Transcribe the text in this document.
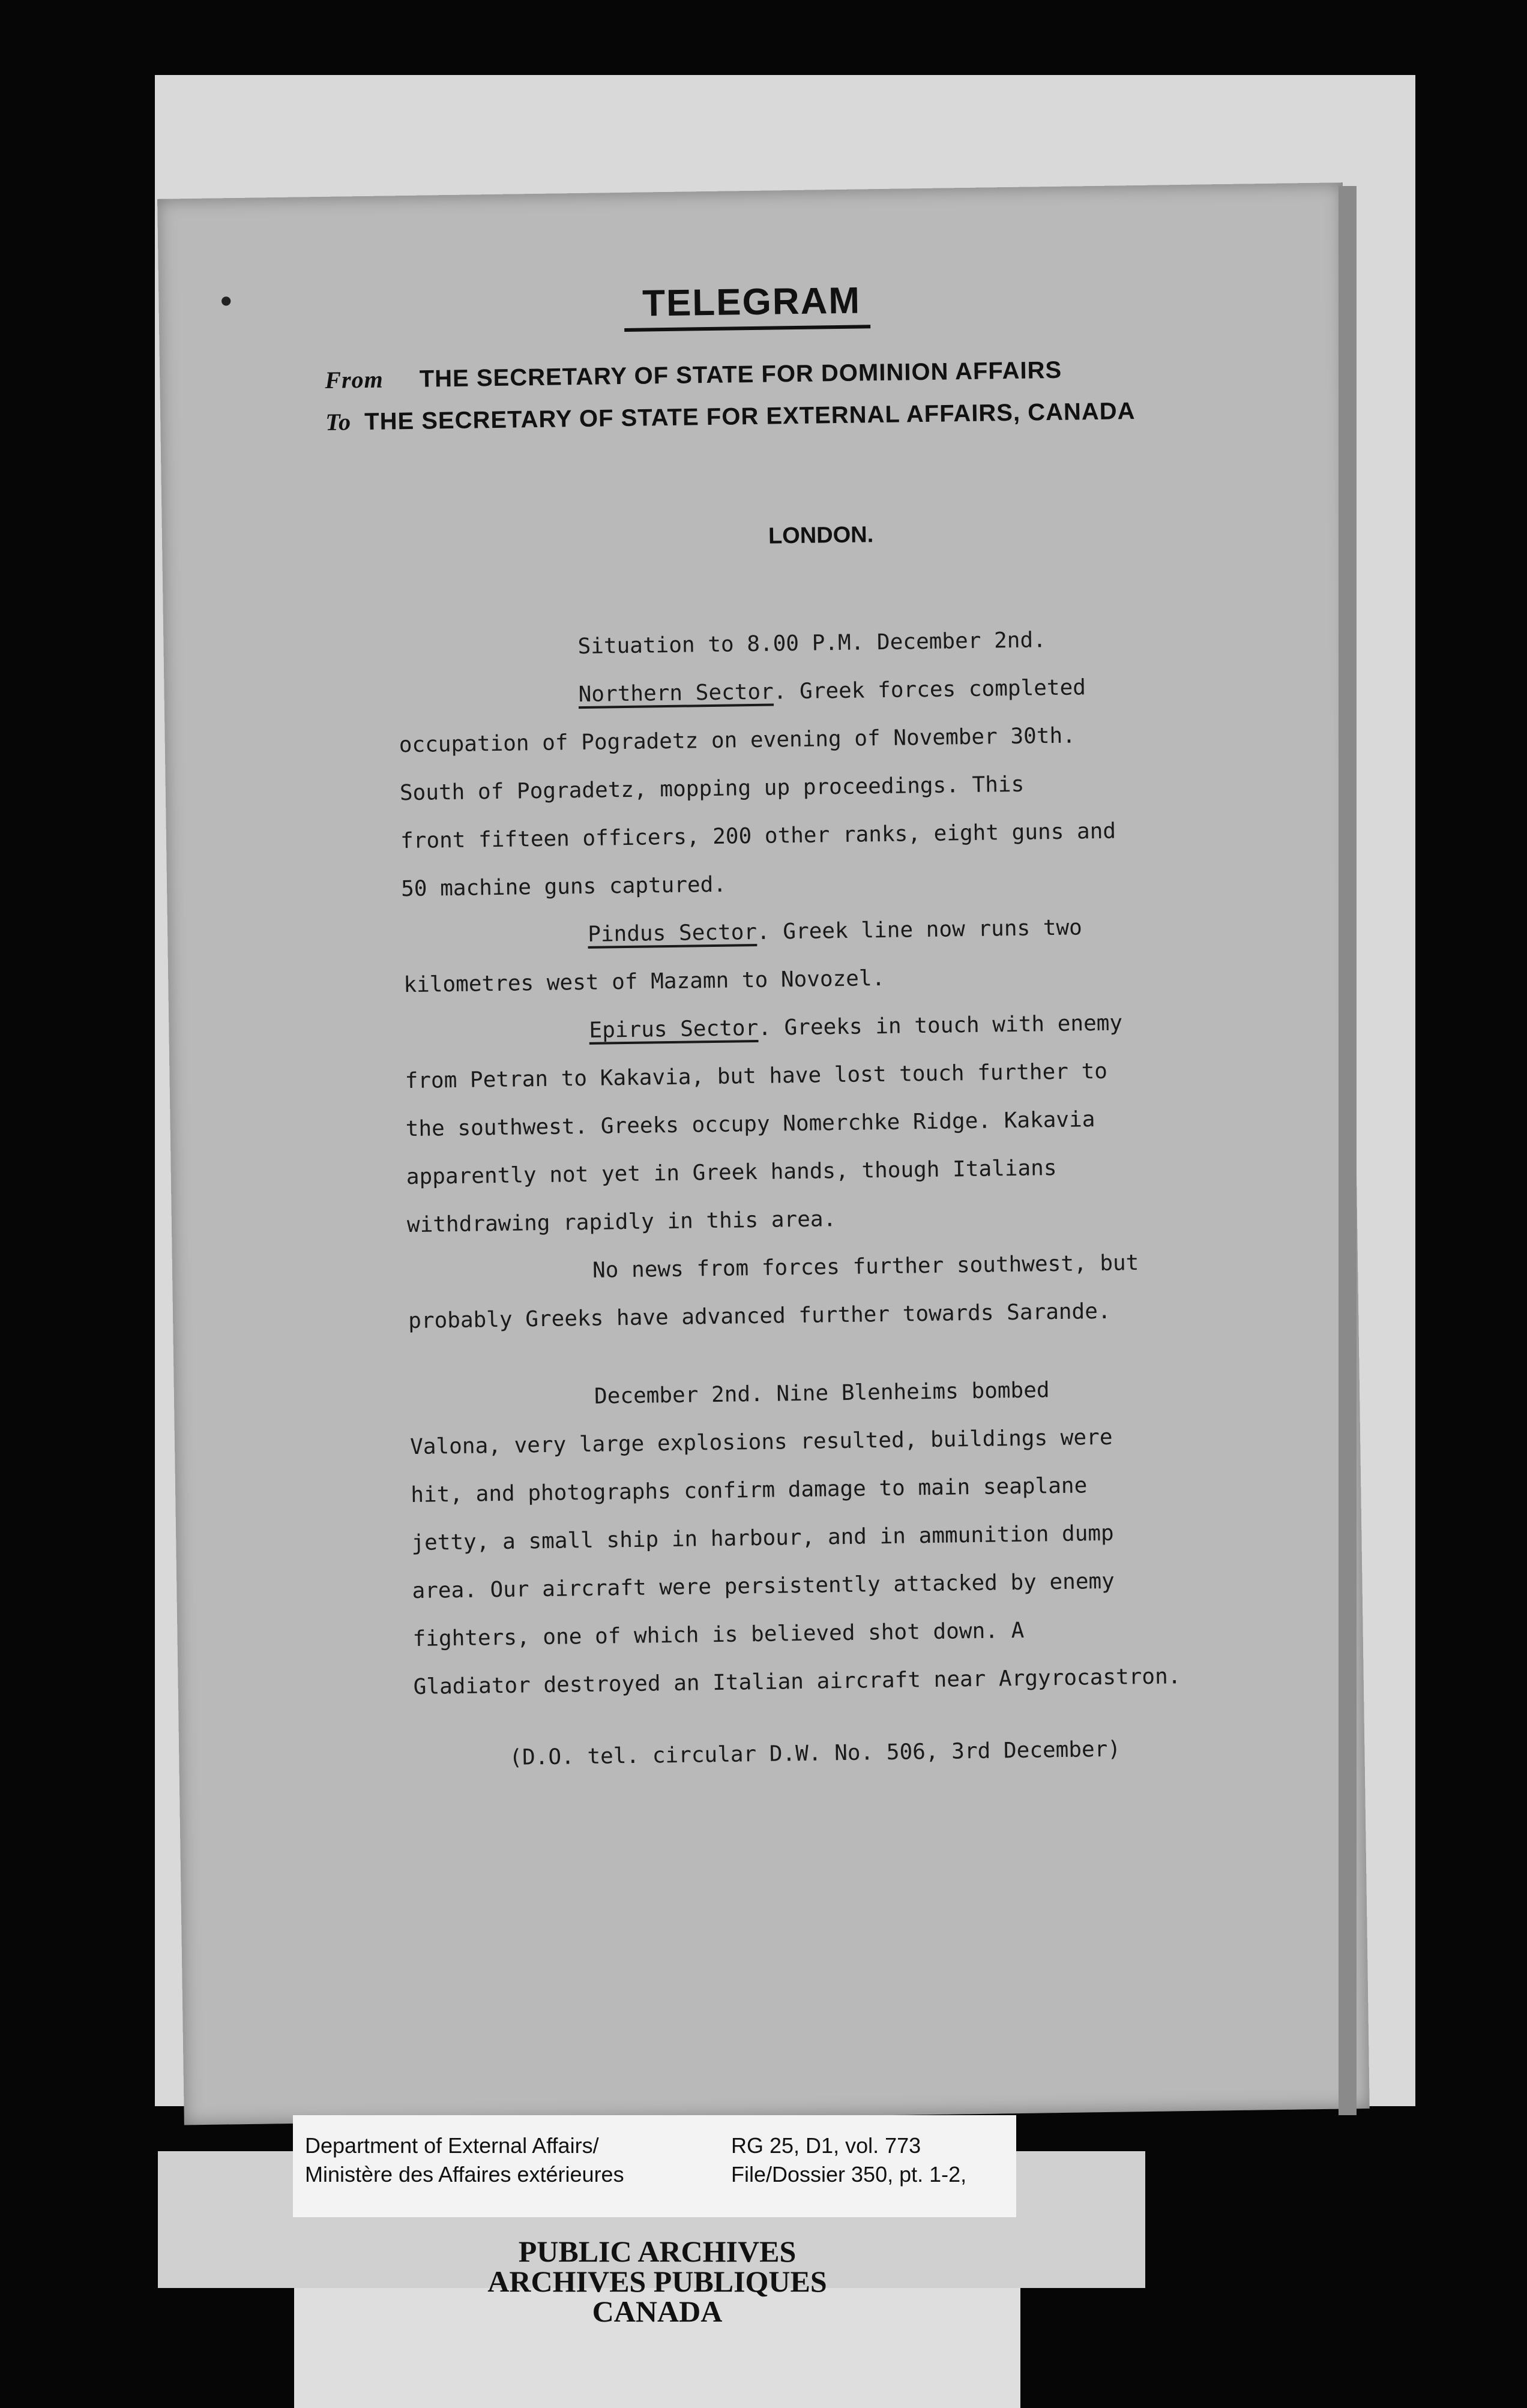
TELEGRAM
From THE SECRETARY OF STATE FOR DOMINION AFFAIRS
To THE SECRETARY OF STATE FOR EXTERNAL AFFAIRS, CANADA
LONDON.
Situation to 8.00 P.M. December 2nd.
Northern Sector. Greek forces completed
occupation of Pogradetz on evening of November 30th.
South of Pogradetz, mopping up proceedings. This
front fifteen officers, 200 other ranks, eight guns and
50 machine guns captured.
Pindus Sector. Greek line now runs two
kilometres west of Mazamn to Novozel.
Epirus Sector. Greeks in touch with enemy
from Petran to Kakavia, but have lost touch further to
the southwest. Greeks occupy Nomerchke Ridge. Kakavia
apparently not yet in Greek hands, though Italians
withdrawing rapidly in this area.
No news from forces further southwest, but
probably Greeks have advanced further towards Sarande.
December 2nd. Nine Blenheims bombed
Valona, very large explosions resulted, buildings were
hit, and photographs confirm damage to main seaplane
jetty, a small ship in harbour, and in ammunition dump
area. Our aircraft were persistently attacked by enemy
fighters, one of which is believed shot down. A
Gladiator destroyed an Italian aircraft near Argyrocastron.
(D.O. tel. circular D.W. No. 506, 3rd December)
Department of External Affairs/
Ministère des Affaires extérieures
RG 25, D1, vol. 773
File/Dossier 350, pt. 1-2,
PUBLIC ARCHIVES
ARCHIVES PUBLIQUES
CANADA
●
